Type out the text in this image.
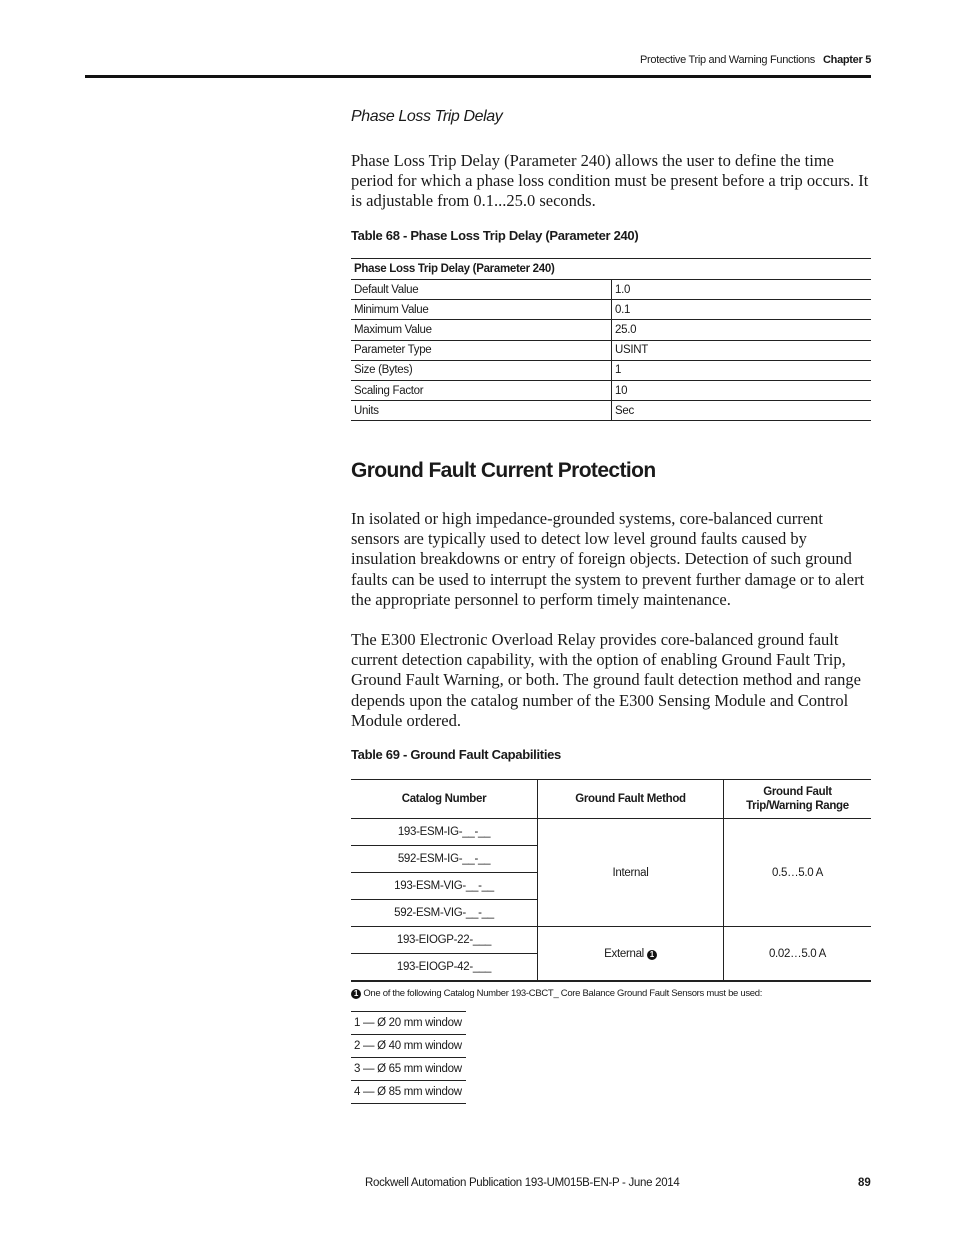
Protective Trip and Warning Functions Chapter 5
Phase Loss Trip Delay
Phase Loss Trip Delay (Parameter 240) allows the user to define the time period for which a phase loss condition must be present before a trip occurs. It is adjustable from 0.1...25.0 seconds.
Table 68 - Phase Loss Trip Delay (Parameter 240)
Phase Loss Trip Delay (Parameter 240)	
Default Value	1.0
Minimum Value	0.1
Maximum Value	25.0
Parameter Type	USINT
Size (Bytes)	1
Scaling Factor	10
Units	Sec
Ground Fault Current Protection
In isolated or high impedance-grounded systems, core-balanced current sensors are typically used to detect low level ground faults caused by insulation breakdowns or entry of foreign objects. Detection of such ground faults can be used to interrupt the system to prevent further damage or to alert the appropriate personnel to perform timely maintenance.
The E300 Electronic Overload Relay provides core-balanced ground fault current detection capability, with the option of enabling Ground Fault Trip, Ground Fault Warning, or both. The ground fault detection method and range depends upon the catalog number of the E300 Sensing Module and Control Module ordered.
Table 69 - Ground Fault Capabilities
Catalog Number	Ground Fault Method	Ground Fault Trip/Warning Range
193-ESM-IG-__-__	Internal	0.5…5.0 A
592-ESM-IG-__-__		
193-ESM-VIG-__-__		
592-ESM-VIG-__-__		
193-EIOGP-22-___	External 1	0.02…5.0 A
193-EIOGP-42-___		
1 One of the following Catalog Number 193-CBCT_ Core Balance Ground Fault Sensors must be used:
1 — Ø 20 mm window
2 — Ø 40 mm window
3 — Ø 65 mm window
4 — Ø 85 mm window
Rockwell Automation Publication 193-UM015B-EN-P - June 2014	89
